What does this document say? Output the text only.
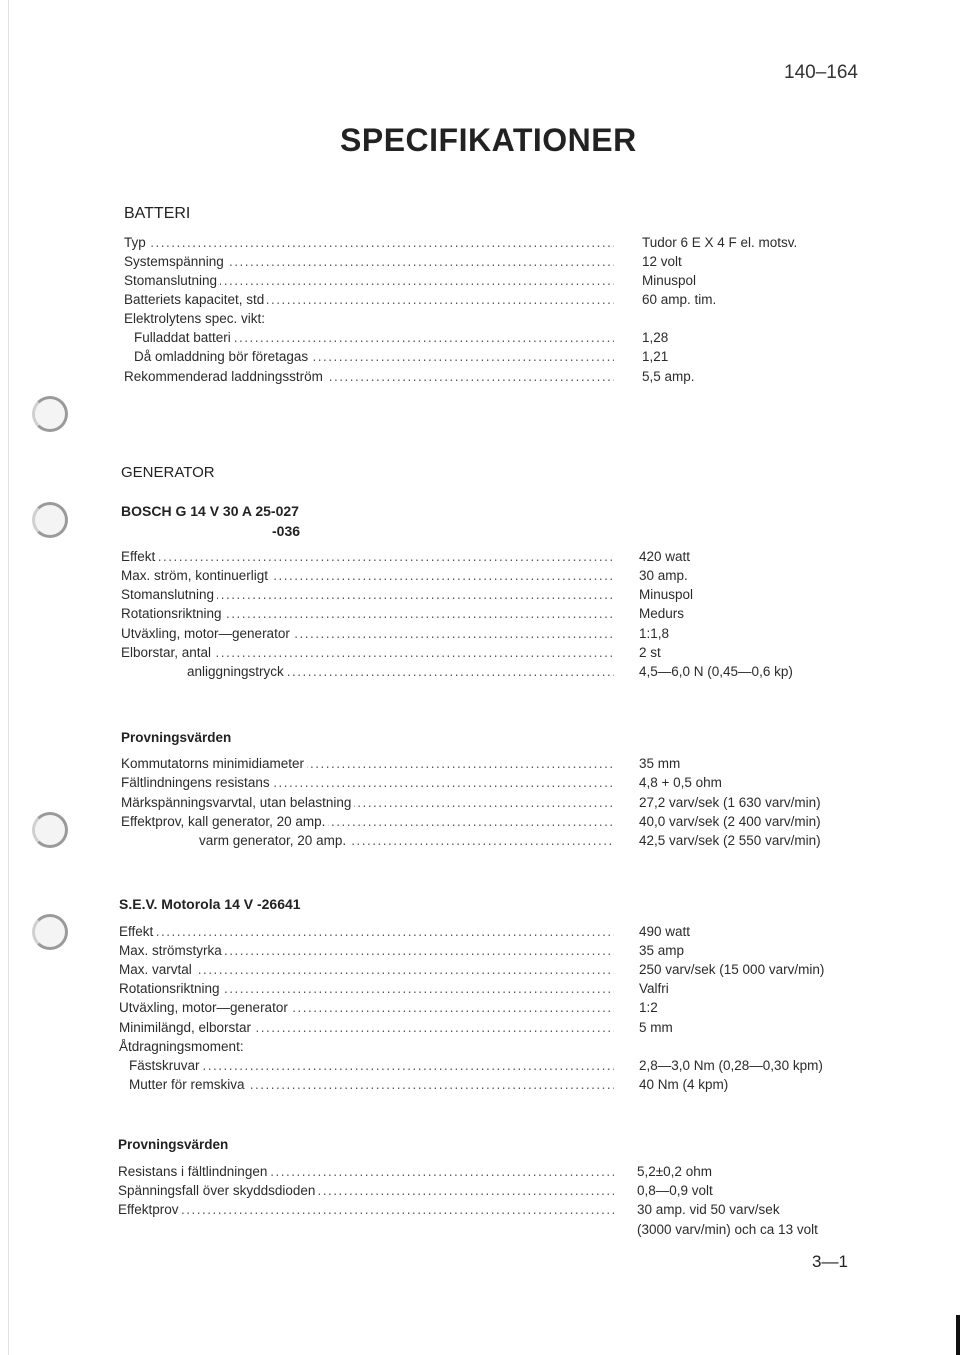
140–164
SPECIFIKATIONER
BATTERI
GENERATOR
BOSCH G 14 V 30 A 25-027
-036
Provningsvärden
S.E.V. Motorola 14 V -26641
Provningsvärden
Typ .....	Tudor 6 E X 4 F el. motsv.
Systemspänning .....	12 volt
Stomanslutning .....	Minuspol
Batteriets kapacitet, std .....	60 amp. tim.
Elektrolytens spec. vikt:
Fulladdat batteri .....	1,28
Då omladdning bör företagas .....	1,21
Rekommenderad laddningsström .....	5,5 amp.
Effekt .....	420 watt
Max. ström, kontinuerligt .....	30 amp.
Stomanslutning .....	Minuspol
Rotationsriktning .....	Medurs
Utväxling, motor—generator .....	1:1,8
Elborstar, antal .....	2 st
anliggningstryck .....	4,5—6,0 N (0,45—0,6 kp)
Kommutatorns minimidiameter .....	35 mm
Fältlindningens resistans .....	4,8 + 0,5 ohm
Märkspänningsvarvtal, utan belastning .....	27,2 varv/sek (1 630 varv/min)
Effektprov, kall generator, 20 amp. .....	40,0 varv/sek (2 400 varv/min)
varm generator, 20 amp. .....	42,5 varv/sek (2 550 varv/min)
Effekt .....	490 watt
Max. strömstyrka .....	35 amp
Max. varvtal .....	250 varv/sek (15 000 varv/min)
Rotationsriktning .....	Valfri
Utväxling, motor—generator .....	1:2
Minimilängd, elborstar .....	5 mm
Åtdragningsmoment:
Fästskruvar .....	2,8—3,0 Nm (0,28—0,30 kpm)
Mutter för remskiva .....	40 Nm (4 kpm)
Resistans i fältlindningen .....	5,2±0,2 ohm
Spänningsfall över skyddsdioden .....	0,8—0,9 volt
Effektprov .....	30 amp. vid 50 varv/sek
(3000 varv/min) och ca 13 volt
3—1
